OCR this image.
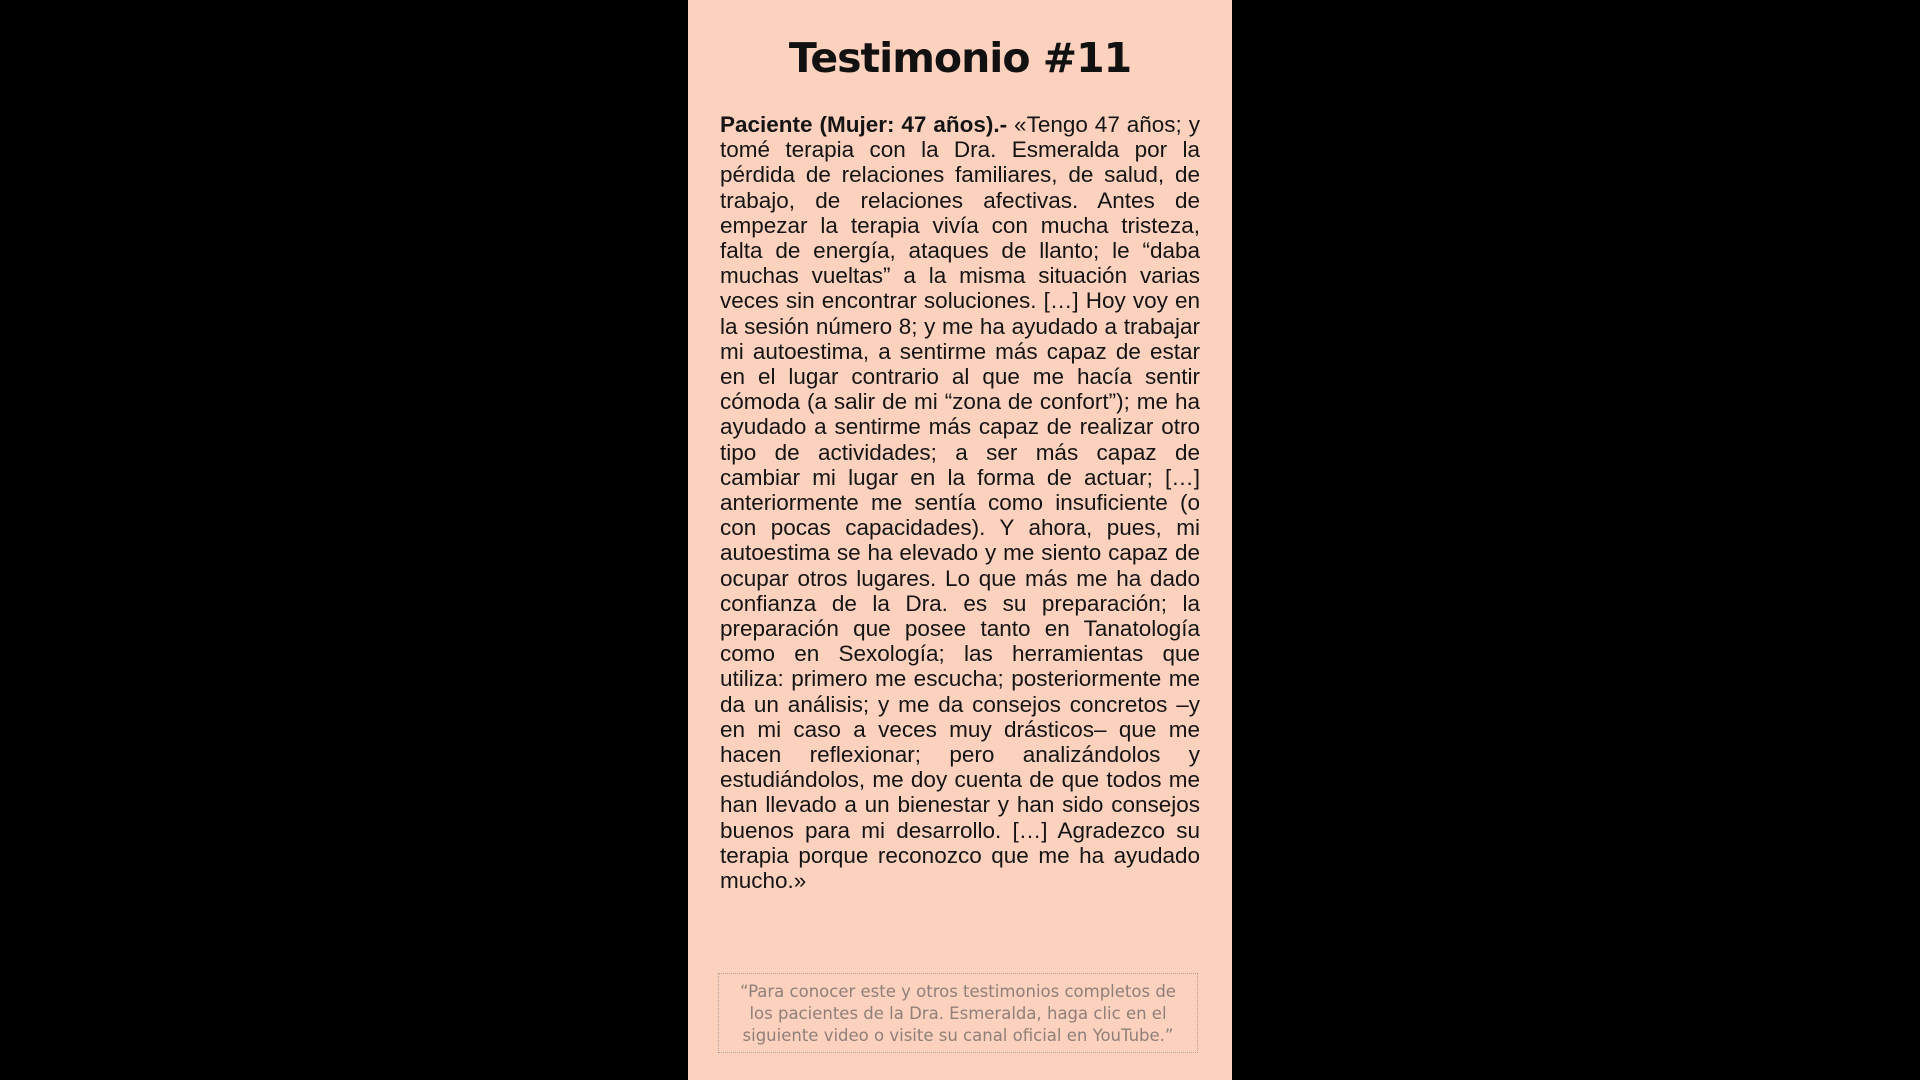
Testimonio #11

Paciente (Mujer: 47 años).- «Tengo 47 años; y tomé terapia con la Dra. Esmeralda por la pérdida de relaciones familiares, de salud, de trabajo, de relaciones afectivas. Antes de empezar la terapia vivía con mucha tristeza, falta de energía, ataques de llanto; le “daba muchas vueltas” a la misma situación varias veces sin encontrar soluciones. […] Hoy voy en la sesión número 8; y me ha ayudado a trabajar mi autoestima, a sentirme más capaz de estar en el lugar contrario al que me hacía sentir cómoda (a salir de mi “zona de confort”); me ha ayudado a sentirme más capaz de realizar otro tipo de actividades; a ser más capaz de cambiar mi lugar en la forma de actuar; […] anteriormente me sentía como insuficiente (o con pocas capacidades). Y ahora, pues, mi autoestima se ha elevado y me siento capaz de ocupar otros lugares. Lo que más me ha dado confianza de la Dra. es su preparación; la preparación que posee tanto en Tanatología como en Sexología; las herramientas que utiliza: primero me escucha; posteriormente me da un análisis; y me da consejos concretos –y en mi caso a veces muy drásticos– que me hacen reflexionar; pero analizándolos y estudiándolos, me doy cuenta de que todos me han llevado a un bienestar y han sido consejos buenos para mi desarrollo. […] Agradezco su terapia porque reconozco que me ha ayudado mucho.»

“Para conocer este y otros testimonios completos de los pacientes de la Dra. Esmeralda, haga clic en el siguiente video o visite su canal oficial en YouTube.”
